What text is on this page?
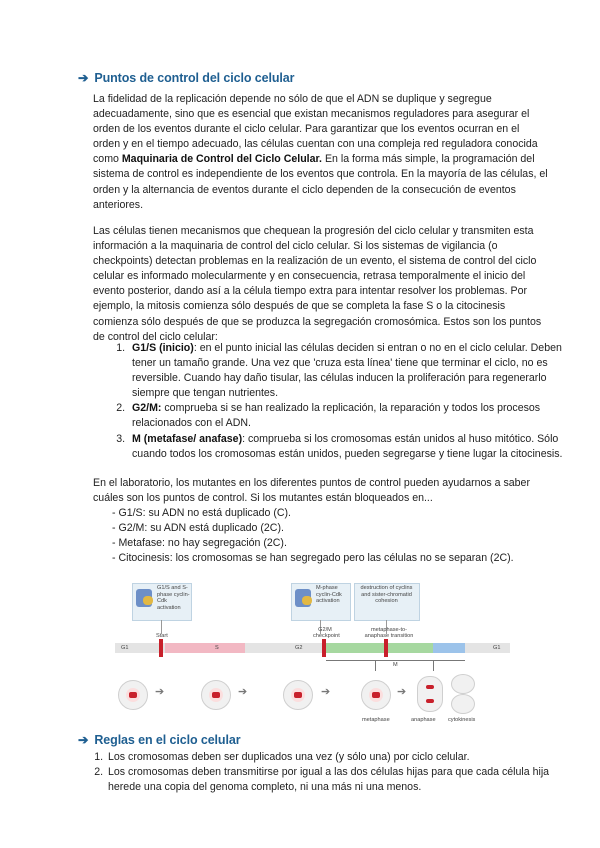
➔ Puntos de control del ciclo celular

La fidelidad de la replicación depende no sólo de que el ADN se duplique y segregue adecuadamente, sino que es esencial que existan mecanismos reguladores para asegurar el orden de los eventos durante el ciclo celular. Para garantizar que los eventos ocurran en el orden y en el tiempo adecuado, las células cuentan con una compleja red reguladora conocida como Maquinaria de Control del Ciclo Celular. En la forma más simple, la programación del sistema de control es independiente de los eventos que controla. En la mayoría de las células, el orden y la alternancia de eventos durante el ciclo dependen de la consecución de eventos anteriores.

Las células tienen mecanismos que chequean la progresión del ciclo celular y transmiten esta información a la maquinaria de control del ciclo celular. Si los sistemas de vigilancia (o checkpoints) detectan problemas en la realización de un evento, el sistema de control del ciclo celular es informado molecularmente y en consecuencia, retrasa temporalmente el inicio del evento posterior, dando así a la célula tiempo extra para intentar resolver los problemas. Por ejemplo, la mitosis comienza sólo después de que se completa la fase S o la citocinesis comienza sólo después de que se produzca la segregación cromosómica. Estos son los puntos de control del ciclo celular:

1. G1/S (inicio): en el punto inicial las células deciden si entran o no en el ciclo celular. Deben tener un tamaño grande. Una vez que 'cruza esta línea' tiene que terminar el ciclo, no es reversible. Cuando hay daño tisular, las células inducen la proliferación para regenerarlo siempre que tengan nutrientes.
2. G2/M: comprueba si se han realizado la replicación, la reparación y todos los procesos relacionados con el ADN.
3. M (metafase/ anafase): comprueba si los cromosomas están unidos al huso mitótico. Sólo cuando todos los cromosomas están unidos, pueden segregarse y tiene lugar la citocinesis.

En el laboratorio, los mutantes en los diferentes puntos de control pueden ayudarnos a saber cuáles son los puntos de control. Si los mutantes están bloqueados en...

- G1/S: su ADN no está duplicado (C).
- G2/M: su ADN está duplicado (2C).
- Metafase: no hay segregación (2C).
- Citocinesis: los cromosomas se han segregado pero las células no se separan (2C).
G1/S and S-phase cyclin-Cdk activation
M-phase cyclin-Cdk activation
destruction of cyclins and sister-chromatid cohesion
Start
G2/M checkpoint
metaphase-to-anaphase transition
G1	S	G2	G1
M
➔	➔	➔	➔
metaphase	anaphase cytokinesis
➔ Reglas en el ciclo celular
1. Los cromosomas deben ser duplicados una vez (y sólo una) por ciclo celular.
2. Los cromosomas deben transmitirse por igual a las dos células hijas para que cada célula hija herede una copia del genoma completo, ni una más ni una menos.
